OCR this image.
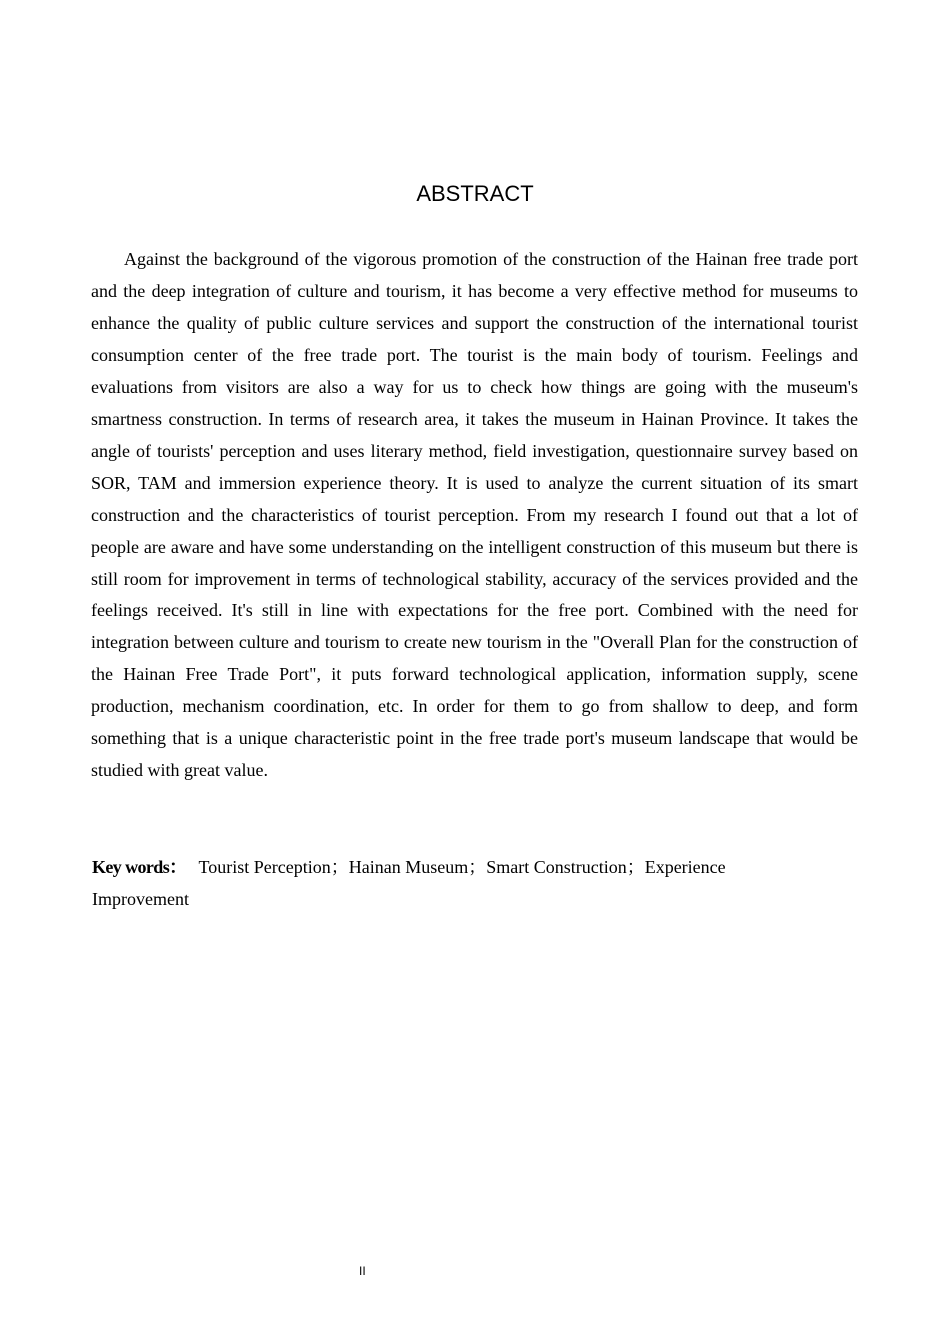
ABSTRACT

Against the background of the vigorous promotion of the construction of the Hainan free trade port and the deep integration of culture and tourism, it has become a very effective method for museums to enhance the quality of public culture services and support the construction of the international tourist consumption center of the free trade port. The tourist is the main body of tourism. Feelings and evaluations from visitors are also a way for us to check how things are going with the museum's smartness construction. In terms of research area, it takes the museum in Hainan Province. It takes the angle of tourists' perception and uses literary method, field investigation, questionnaire survey based on SOR, TAM and immersion experience theory. It is used to analyze the current situation of its smart construction and the characteristics of tourist perception. From my research I found out that a lot of people are aware and have some understanding on the intelligent construction of this museum but there is still room for improvement in terms of technological stability, accuracy of the services provided and the feelings received. It's still in line with expectations for the free port. Combined with the need for integration between culture and tourism to create new tourism in the "Overall Plan for the construction of the Hainan Free Trade Port", it puts forward technological application, information supply, scene production, mechanism coordination, etc. In order for them to go from shallow to deep, and form something that is a unique characteristic point in the free trade port's museum landscape that would be studied with great value.

Key words： Tourist Perception；Hainan Museum；Smart Construction；Experience Improvement

II
